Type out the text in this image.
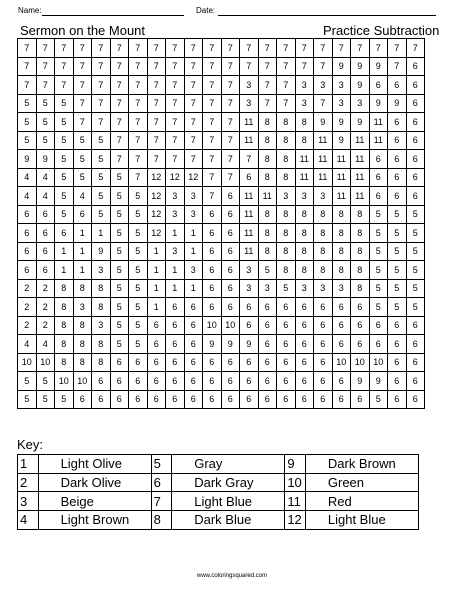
Name:	Date:
Sermon on the Mount	Practice Subtraction
7	7	7	7	7	7	7	7	7	7	7	7	7	7	7	7	7	7	7	7	7	7
7	7	7	7	7	7	7	7	7	7	7	7	7	7	7	7	7	9	9	9	7	6
7	7	7	7	7	7	7	7	7	7	7	7	3	7	7	3	3	3	9	6	6	6
5	5	5	7	7	7	7	7	7	7	7	7	3	7	7	3	7	3	3	9	9	6
5	5	5	7	7	7	7	7	7	7	7	7	11	8	8	8	9	9	9	11	6	6
5	5	5	5	5	7	7	7	7	7	7	7	11	8	8	8	11	9	11	11	6	6
9	9	5	5	5	7	7	7	7	7	7	7	7	8	8	11	11	11	11	6	6	6
4	4	5	5	5	5	7	12	12	12	7	7	6	8	8	11	11	11	11	6	6	6
4	4	5	4	5	5	5	12	3	3	7	6	11	11	3	3	3	11	11	6	6	6
6	6	5	6	5	5	5	12	3	3	6	6	11	8	8	8	8	8	8	5	5	5
6	6	6	1	1	5	5	12	1	1	6	6	11	8	8	8	8	8	8	5	5	5
6	6	1	1	9	5	5	1	3	1	6	6	11	8	8	8	8	8	8	5	5	5
6	6	1	1	3	5	5	1	1	3	6	6	3	5	8	8	8	8	8	5	5	5
2	2	8	8	8	5	5	1	1	1	6	6	3	3	5	3	3	3	8	5	5	5
2	2	8	3	8	5	5	1	6	6	6	6	6	6	6	6	6	6	6	5	5	5
2	2	8	8	3	5	5	6	6	6	10	10	6	6	6	6	6	6	6	6	6	6
4	4	8	8	8	5	5	6	6	6	9	9	9	6	6	6	6	6	6	6	6	6
10	10	8	8	8	6	6	6	6	6	6	6	6	6	6	6	6	10	10	10	6	6
5	5	10	10	6	6	6	6	6	6	6	6	6	6	6	6	6	6	9	9	6	6
5	5	5	6	6	6	6	6	6	6	6	6	6	6	6	6	6	6	6	5	6	6
Key:
1	Light Olive	5	Gray	9	Dark Brown
2	Dark Olive	6	Dark Gray	10	Green
3	Beige	7	Light Blue	11	Red
4	Light Brown	8	Dark Blue	12	Light Blue
www.coloringsquared.com
